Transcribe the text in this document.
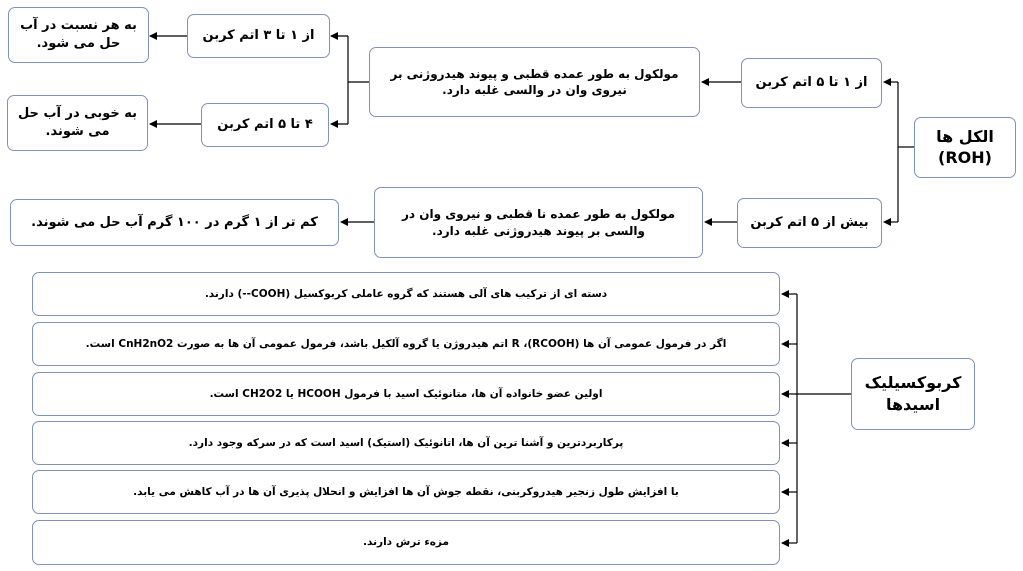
الکل ها
(ROH)
از ۱ تا ۵ اتم کربن
مولکول به طور عمده قطبی و پیوند هیدروژنی بر نیروی وان در والسی غلبه دارد.
از ۱ تا ۳ اتم کربن
به هر نسبت در آب حل می شود.
۴ تا ۵ اتم کربن
به خوبی در آب حل می شوند.
بیش از ۵ اتم کربن
مولکول به طور عمده نا قطبی و نیروی وان در والسی بر پیوند هیدروژنی غلبه دارد.
کم تر از ۱ گرم در ۱۰۰ گرم آب حل می شوند.
کربوکسیلیک اسیدها
دسته ای از ترکیب های آلی هستند که گروه عاملی کربوکسیل (COOH--) دارند.
اگر در فرمول عمومی آن ها (RCOOH)، R اتم هیدروژن یا گروه آلکیل باشد، فرمول عمومی آن ها به صورت CnH2nO2 است.
اولین عضو خانواده آن ها، متانوئیک اسید با فرمول HCOOH یا CH2O2 است.
پرکاربردترین و آشنا ترین آن ها، اتانوئیک (استیک) اسید است که در سرکه وجود دارد.
با افزایش طول زنجیر هیدروکربنی، نقطه جوش آن ها افزایش و انحلال پذیری آن ها در آب کاهش می یابد.
مزه‌ء ترش دارند.
